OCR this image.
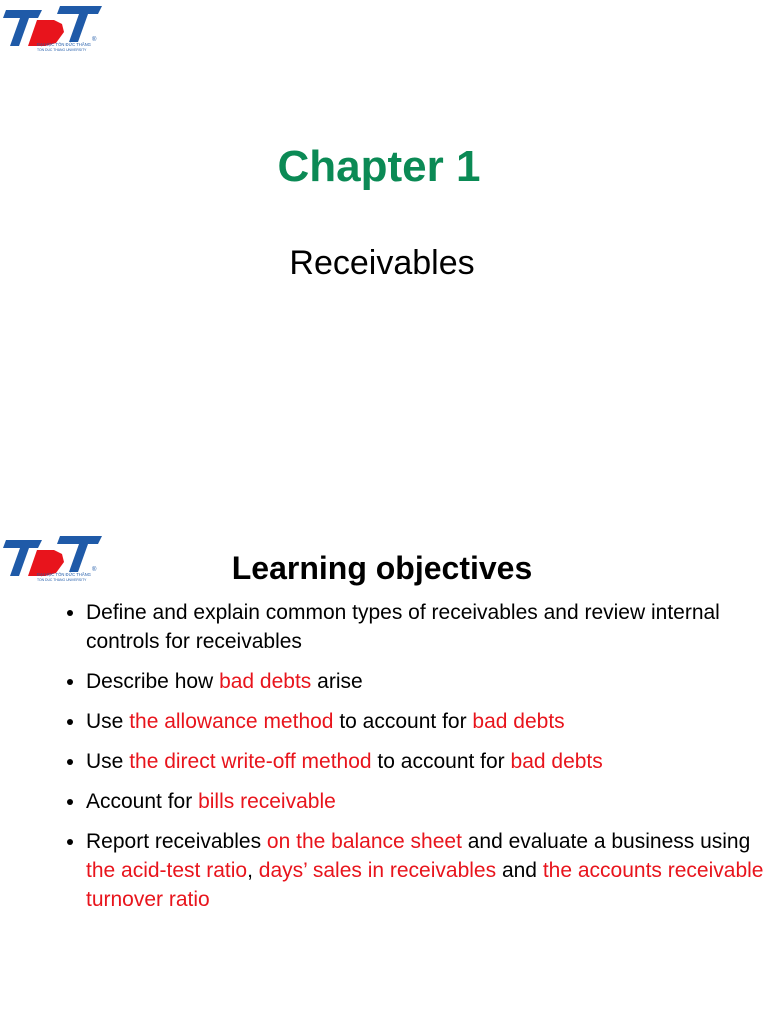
®
ĐẠI HỌC TÔN ĐỨC THẮNG
TON DUC THANG UNIVERSITY
Chapter 1

Receivables

®
ĐẠI HỌC TÔN ĐỨC THẮNG
TON DUC THANG UNIVERSITY	Learning objectives
• Define and explain common types of receivables and review internal controls for receivables
• Describe how bad debts arise
• Use the allowance method to account for bad debts
• Use the direct write-off method to account for bad debts
• Account for bills receivable
• Report receivables on the balance sheet and evaluate a business using the acid-test ratio, days’ sales in receivables and the accounts receivable turnover ratio
